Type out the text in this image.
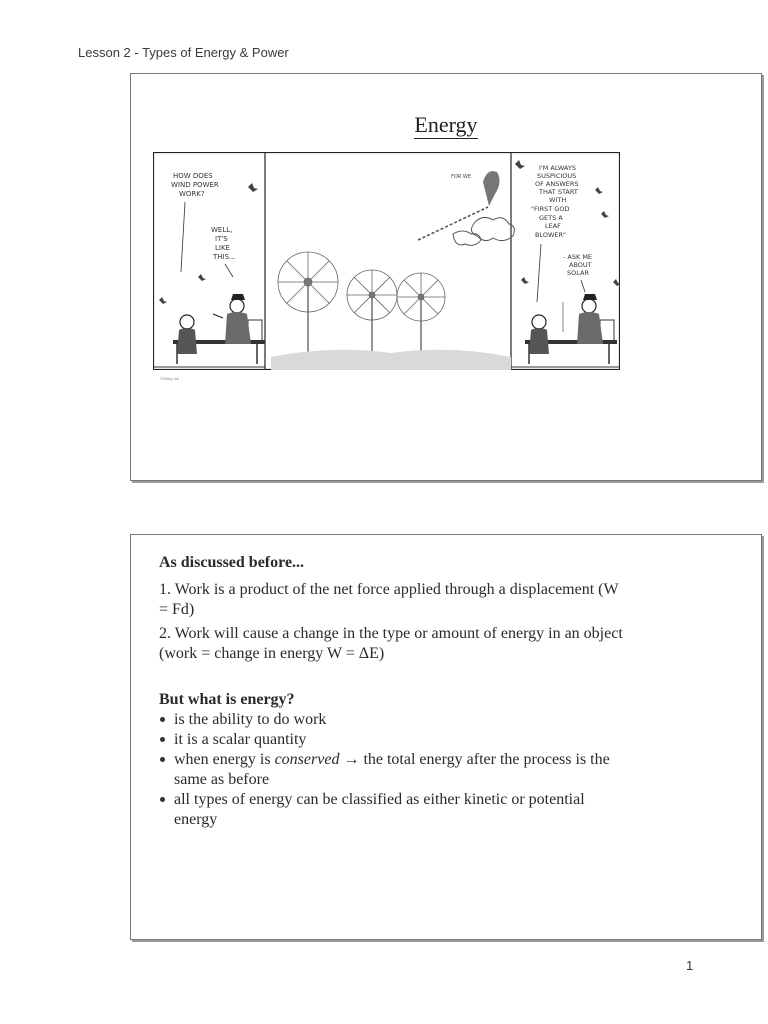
Lesson 2 - Types of Energy & Power
Energy
HOW DOES
WIND POWER
WORK?
WELL,
IT'S
LIKE
THIS...
FOR WE
I'M ALWAYS
SUSPICIOUS
OF ANSWERS
THAT START
WITH
"FIRST GOD
GETS A
LEAF
BLOWER"
- ASK ME
ABOUT
SOLAR
©Wiley Ink

As discussed before...

1. Work is a product of the net force applied through a displacement (W = Fd)

2. Work will cause a change in the type or amount of energy in an object (work = change in energy W = ΔE)

But what is energy?

is the ability to do work
it is a scalar quantity
when energy is conserved → the total energy after the process is the same as before
all types of energy can be classified as either kinetic or potential energy
1
